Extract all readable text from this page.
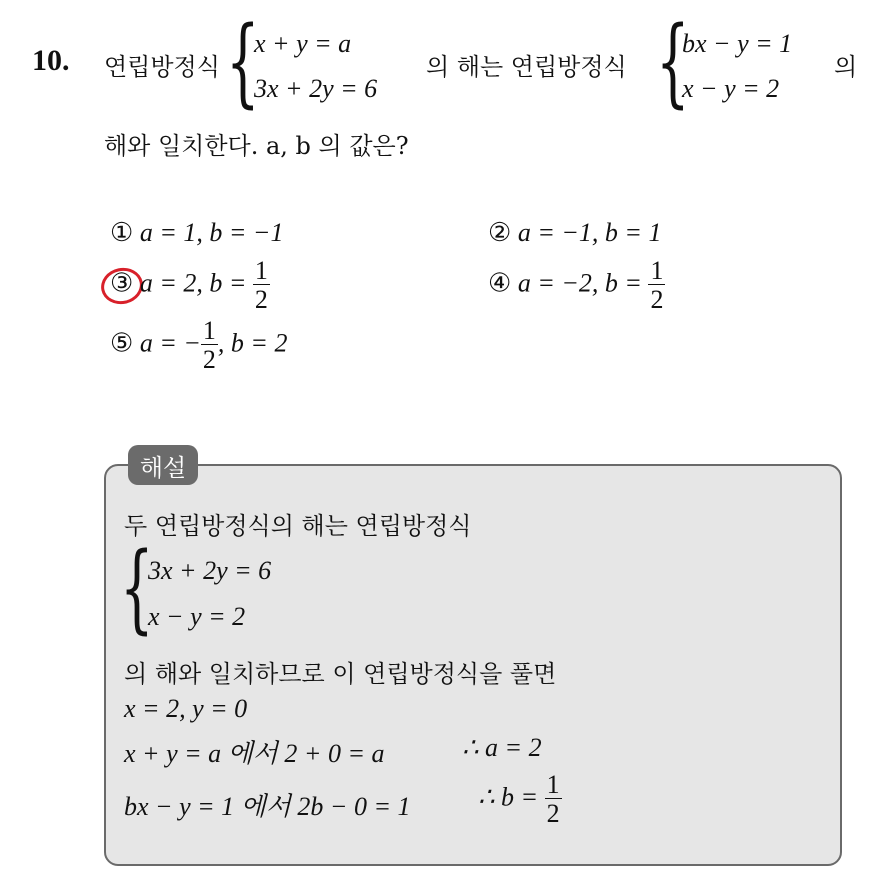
10. 연립방정식 {
x + y = a
3x + 2y = 6
의 해는 연립방정식 {
bx − y = 1
x − y = 2
의
해와 일치한다. a, b 의 값은?
① a = 1, b = −1	② a = −1, b = 1
③ a = 2, $b = \frac{1}{2}$	④ a = −2, $b = \frac{1}{2}$
⑤ a = − $\frac{1}{2}$ , b = 2
해설
두 연립방정식의 해는 연립방정식
{
3x + 2y = 6
x − y = 2
의 해와 일치하므로 이 연립방정식을 풀면
x = 2, y = 0
x + y = a 에서 2 + 0 = a	∴ a = 2
bx − y = 1 에서 2b − 0 = 1	∴ $b = \frac{1}{2}$
